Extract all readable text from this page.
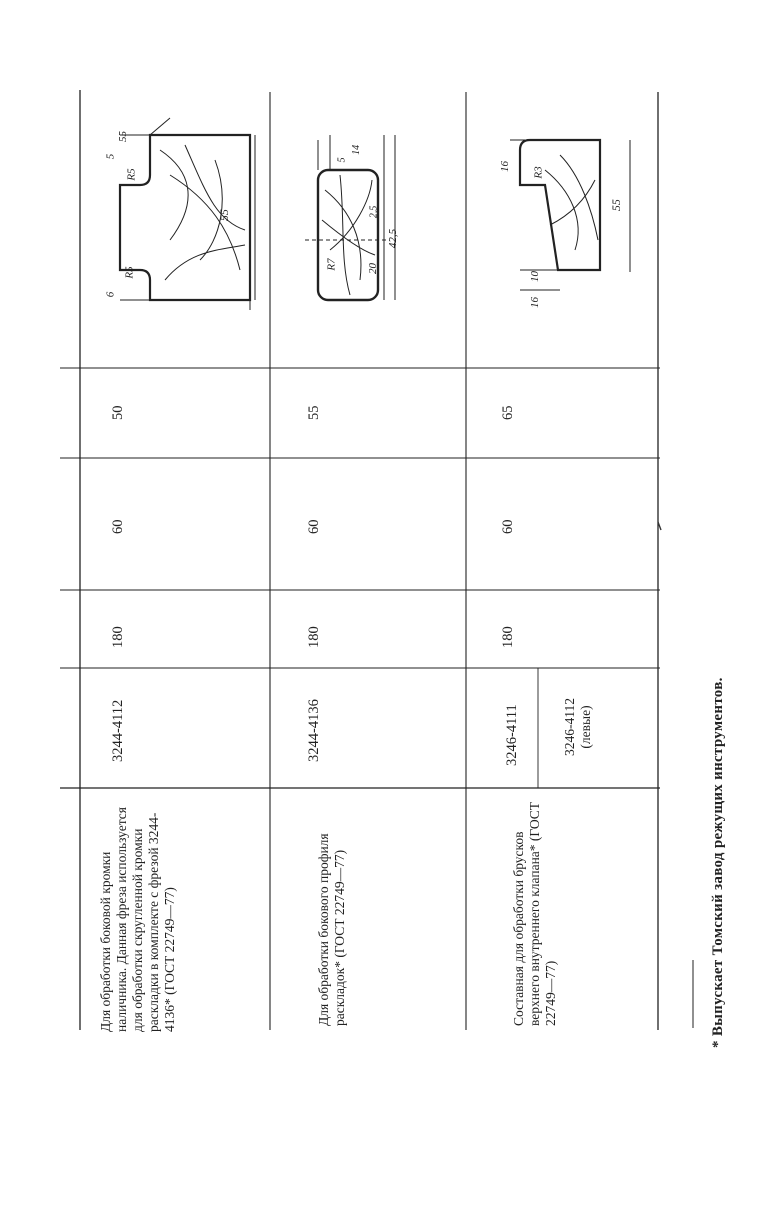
5
55
R5
55
6
R5
14
5
R7
2,5
20
42,5
16 R3
55
10
16
Для обработки боковой кромки наличника. Данная фреза используется для обработки скругленной кромки раскладки в комплекте с фрезой 3244-4136* (ГОСТ 22749—77)
3244-4112
180
60
50
Для обработки бокового профиля раскладок* (ГОСТ 22749—77)
3244-4136
180
60
55
Составная для обработки брусков верхнего внутреннего клапана* (ГОСТ 22749—77)
3246-4111	3246-4112
(левые)
180
60
65
* Выпускает Томский завод режущих инструментов.
